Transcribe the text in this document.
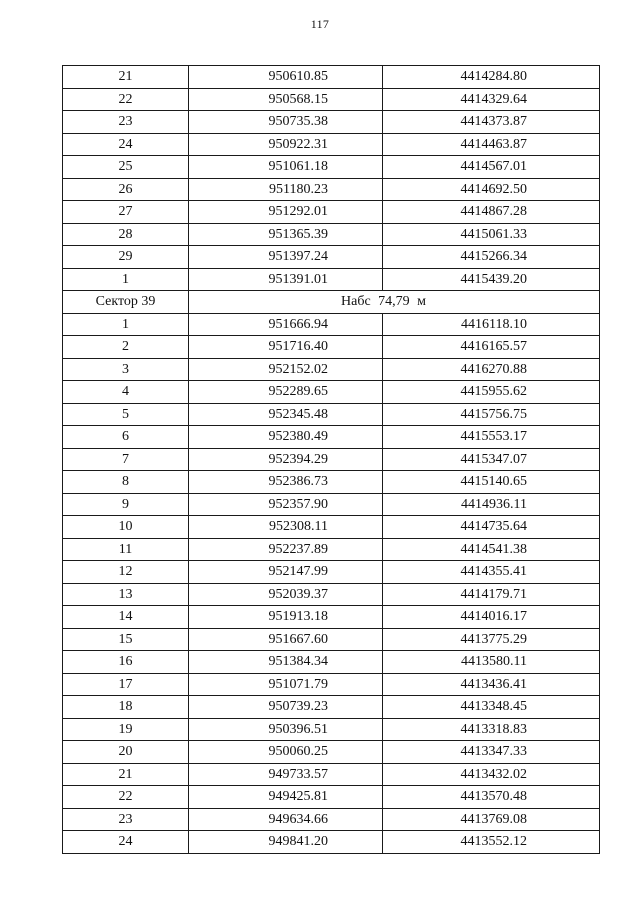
117
21	950610.85	4414284.80
22	950568.15	4414329.64
23	950735.38	4414373.87
24	950922.31	4414463.87
25	951061.18	4414567.01
26	951180.23	4414692.50
27	951292.01	4414867.28
28	951365.39	4415061.33
29	951397.24	4415266.34
1	951391.01	4415439.20
Сектор 39	Набс 74,79 м	
1	951666.94	4416118.10
2	951716.40	4416165.57
3	952152.02	4416270.88
4	952289.65	4415955.62
5	952345.48	4415756.75
6	952380.49	4415553.17
7	952394.29	4415347.07
8	952386.73	4415140.65
9	952357.90	4414936.11
10	952308.11	4414735.64
11	952237.89	4414541.38
12	952147.99	4414355.41
13	952039.37	4414179.71
14	951913.18	4414016.17
15	951667.60	4413775.29
16	951384.34	4413580.11
17	951071.79	4413436.41
18	950739.23	4413348.45
19	950396.51	4413318.83
20	950060.25	4413347.33
21	949733.57	4413432.02
22	949425.81	4413570.48
23	949634.66	4413769.08
24	949841.20	4413552.12
